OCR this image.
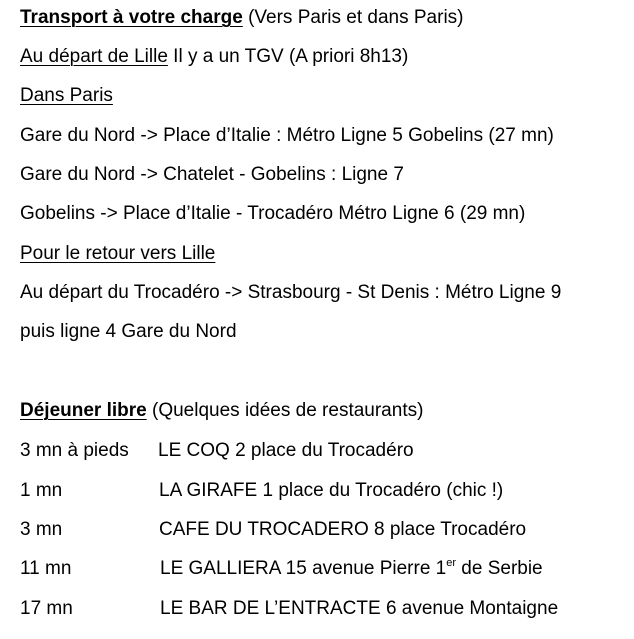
Transport à votre charge (Vers Paris et dans Paris)
Au départ de Lille Il y a un TGV (A priori 8h13)
Dans Paris
Gare du Nord -> Place d’Italie : Métro Ligne 5 Gobelins (27 mn)
Gare du Nord -> Chatelet - Gobelins : Ligne 7
Gobelins -> Place d’Italie - Trocadéro Métro Ligne 6 (29 mn)
Pour le retour vers Lille
Au départ du Trocadéro -> Strasbourg - St Denis : Métro Ligne 9
puis ligne 4 Gare du Nord
Déjeuner libre (Quelques idées de restaurants)
3 mn à pieds LE COQ 2 place du Trocadéro
1 mn	LA GIRAFE 1 place du Trocadéro (chic !)
3 mn	CAFE DU TROCADERO 8 place Trocadéro
11 mn	LE GALLIERA 15 avenue Pierre 1er de Serbie
17 mn	LE BAR DE L’ENTRACTE 6 avenue Montaigne
